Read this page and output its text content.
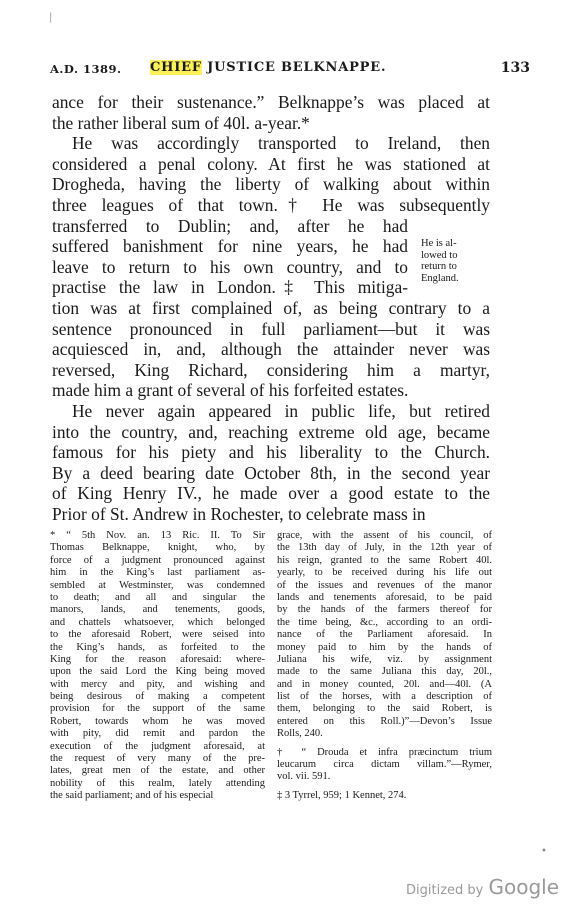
|
A.D. 1389. CHIEF JUSTICE BELKNAPPE.	133
ance for their sustenance.” Belknappe’s was placed at
the rather liberal sum of 40l. a-year.*
He was accordingly transported to Ireland, then
considered a penal colony. At first he was stationed at
Drogheda, having the liberty of walking about within
three leagues of that town.† He was subsequently
transferred to Dublin; and, after he had
suffered banishment for nine years, he had
leave to return to his own country, and to
practise the law in London.‡ This mitiga-
tion was at first complained of, as being contrary to a
sentence pronounced in full parliament—but it was
acquiesced in, and, although the attainder never was
reversed, King Richard, considering him a martyr,
made him a grant of several of his forfeited estates.
He never again appeared in public life, but retired
into the country, and, reaching extreme old age, became
famous for his piety and his liberality to the Church.
By a deed bearing date October 8th, in the second year
of King Henry IV., he made over a good estate to the
Prior of St. Andrew in Rochester, to celebrate mass in
He is al-
lowed to
return to
England.
* “ 5th Nov. an. 13 Ric. II. To Sir
Thomas Belknappe, knight, who, by
force of a judgment pronounced against
him in the King’s last parliament as-
sembled at Westminster, was condemned
to death; and all and singular the
manors, lands, and tenements, goods,
and chattels whatsoever, which belonged
to the aforesaid Robert, were seised into
the King’s hands, as forfeited to the
King for the reason aforesaid: where-
upon the said Lord the King being moved
with mercy and pity, and wishing and
being desirous of making a competent
provision for the support of the same
Robert, towards whom he was moved
with pity, did remit and pardon the
execution of the judgment aforesaid, at
the request of very many of the pre-
lates, great men of the estate, and other
nobility of this realm, lately attending
the said parliament; and of his especial
grace, with the assent of his council, of
the 13th day of July, in the 12th year of
his reign, granted to the same Robert 40l.
yearly, to be received during his life out
of the issues and revenues of the manor
lands and tenements aforesaid, to be paid
by the hands of the farmers thereof for
the time being, &c., according to an ordi-
nance of the Parliament aforesaid. In
money paid to him by the hands of
Juliana his wife, viz. by assignment
made to the same Juliana this day, 20l.,
and in money counted, 20l. and—40l. (A
list of the horses, with a description of
them, belonging to the said Robert, is
entered on this Roll.)”—Devon’s Issue
Rolls, 240.
† “ Drouda et infra præcinctum trium
leucarum circa dictam villam.”—Rymer,
vol. vii. 591.
‡ 3 Tyrrel, 959; 1 Kennet, 274.
•
Digitized by Google
